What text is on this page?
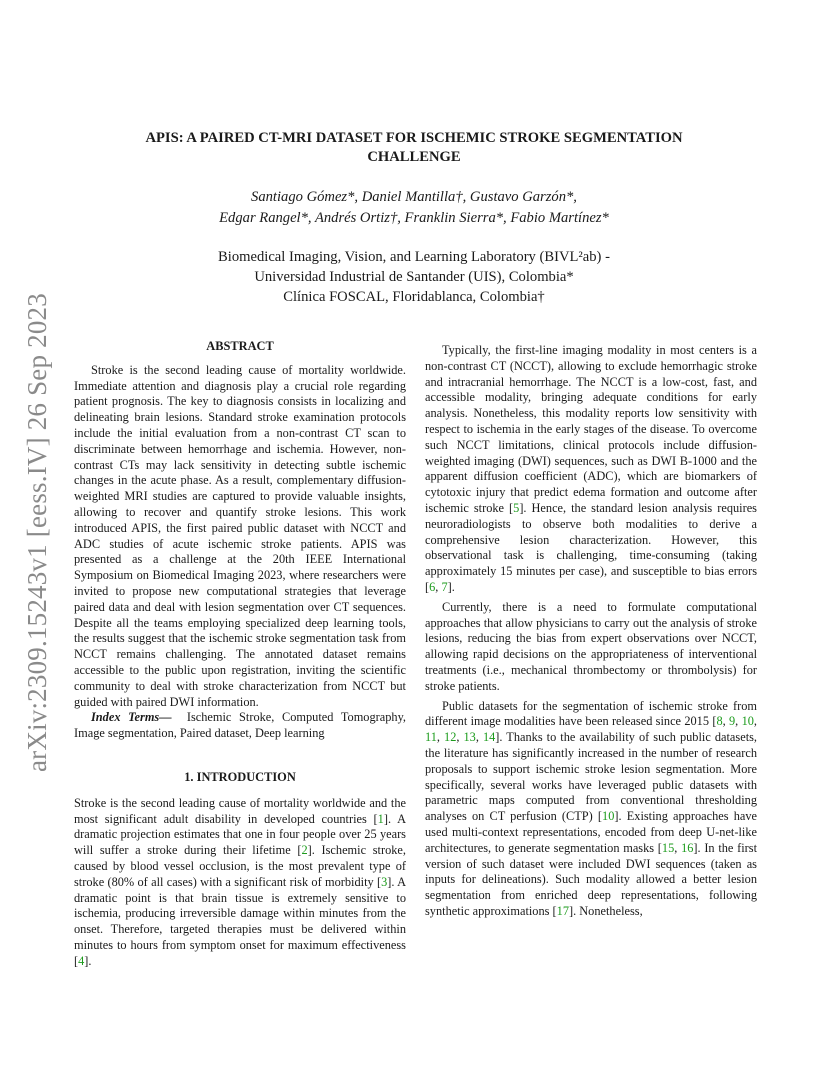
arXiv:2309.15243v1 [eess.IV] 26 Sep 2023
APIS: A PAIRED CT-MRI DATASET FOR ISCHEMIC STROKE SEGMENTATION
CHALLENGE
Santiago Gómez*, Daniel Mantilla†, Gustavo Garzón*,
Edgar Rangel*, Andrés Ortiz†, Franklin Sierra*, Fabio Martínez*
Biomedical Imaging, Vision, and Learning Laboratory (BIVL²ab) -
Universidad Industrial de Santander (UIS), Colombia*
Clínica FOSCAL, Floridablanca, Colombia†
ABSTRACT

Stroke is the second leading cause of mortality worldwide. Immediate attention and diagnosis play a crucial role regarding patient prognosis. The key to diagnosis consists in localizing and delineating brain lesions. Standard stroke examination protocols include the initial evaluation from a non-contrast CT scan to discriminate between hemorrhage and ischemia. However, non-contrast CTs may lack sensitivity in detecting subtle ischemic changes in the acute phase. As a result, complementary diffusion-weighted MRI studies are captured to provide valuable insights, allowing to recover and quantify stroke lesions. This work introduced APIS, the first paired public dataset with NCCT and ADC studies of acute ischemic stroke patients. APIS was presented as a challenge at the 20th IEEE International Symposium on Biomedical Imaging 2023, where researchers were invited to propose new computational strategies that leverage paired data and deal with lesion segmentation over CT sequences. Despite all the teams employing specialized deep learning tools, the results suggest that the ischemic stroke segmentation task from NCCT remains challenging. The annotated dataset remains accessible to the public upon registration, inviting the scientific community to deal with stroke characterization from NCCT but guided with paired DWI information.

Index Terms— Ischemic Stroke, Computed Tomography, Image segmentation, Paired dataset, Deep learning

1. INTRODUCTION

Stroke is the second leading cause of mortality worldwide and the most significant adult disability in developed countries [1]. A dramatic projection estimates that one in four people over 25 years will suffer a stroke during their lifetime [2]. Ischemic stroke, caused by blood vessel occlusion, is the most prevalent type of stroke (80% of all cases) with a significant risk of morbidity [3]. A dramatic point is that brain tissue is extremely sensitive to ischemia, producing irreversible damage within minutes from the onset. Therefore, targeted therapies must be delivered within minutes to hours from symptom onset for maximum effectiveness [4].

Typically, the first-line imaging modality in most centers is a non-contrast CT (NCCT), allowing to exclude hemorrhagic stroke and intracranial hemorrhage. The NCCT is a low-cost, fast, and accessible modality, bringing adequate conditions for early analysis. Nonetheless, this modality reports low sensitivity with respect to ischemia in the early stages of the disease. To overcome such NCCT limitations, clinical protocols include diffusion-weighted imaging (DWI) sequences, such as DWI B-1000 and the apparent diffusion coefficient (ADC), which are biomarkers of cytotoxic injury that predict edema formation and outcome after ischemic stroke [5]. Hence, the standard lesion analysis requires neuroradiologists to observe both modalities to derive a comprehensive lesion characterization. However, this observational task is challenging, time-consuming (taking approximately 15 minutes per case), and susceptible to bias errors [6, 7].

Currently, there is a need to formulate computational approaches that allow physicians to carry out the analysis of stroke lesions, reducing the bias from expert observations over NCCT, allowing rapid decisions on the appropriateness of interventional treatments (i.e., mechanical thrombectomy or thrombolysis) for stroke patients.

Public datasets for the segmentation of ischemic stroke from different image modalities have been released since 2015 [8, 9, 10, 11, 12, 13, 14]. Thanks to the availability of such public datasets, the literature has significantly increased in the number of research proposals to support ischemic stroke lesion segmentation. More specifically, several works have leveraged public datasets with parametric maps computed from conventional thresholding analyses on CT perfusion (CTP) [10]. Existing approaches have used multi-context representations, encoded from deep U-net-like architectures, to generate segmentation masks [15, 16]. In the first version of such dataset were included DWI sequences (taken as inputs for delineations). Such modality allowed a better lesion segmentation from enriched deep representations, following synthetic approximations [17]. Nonetheless,
